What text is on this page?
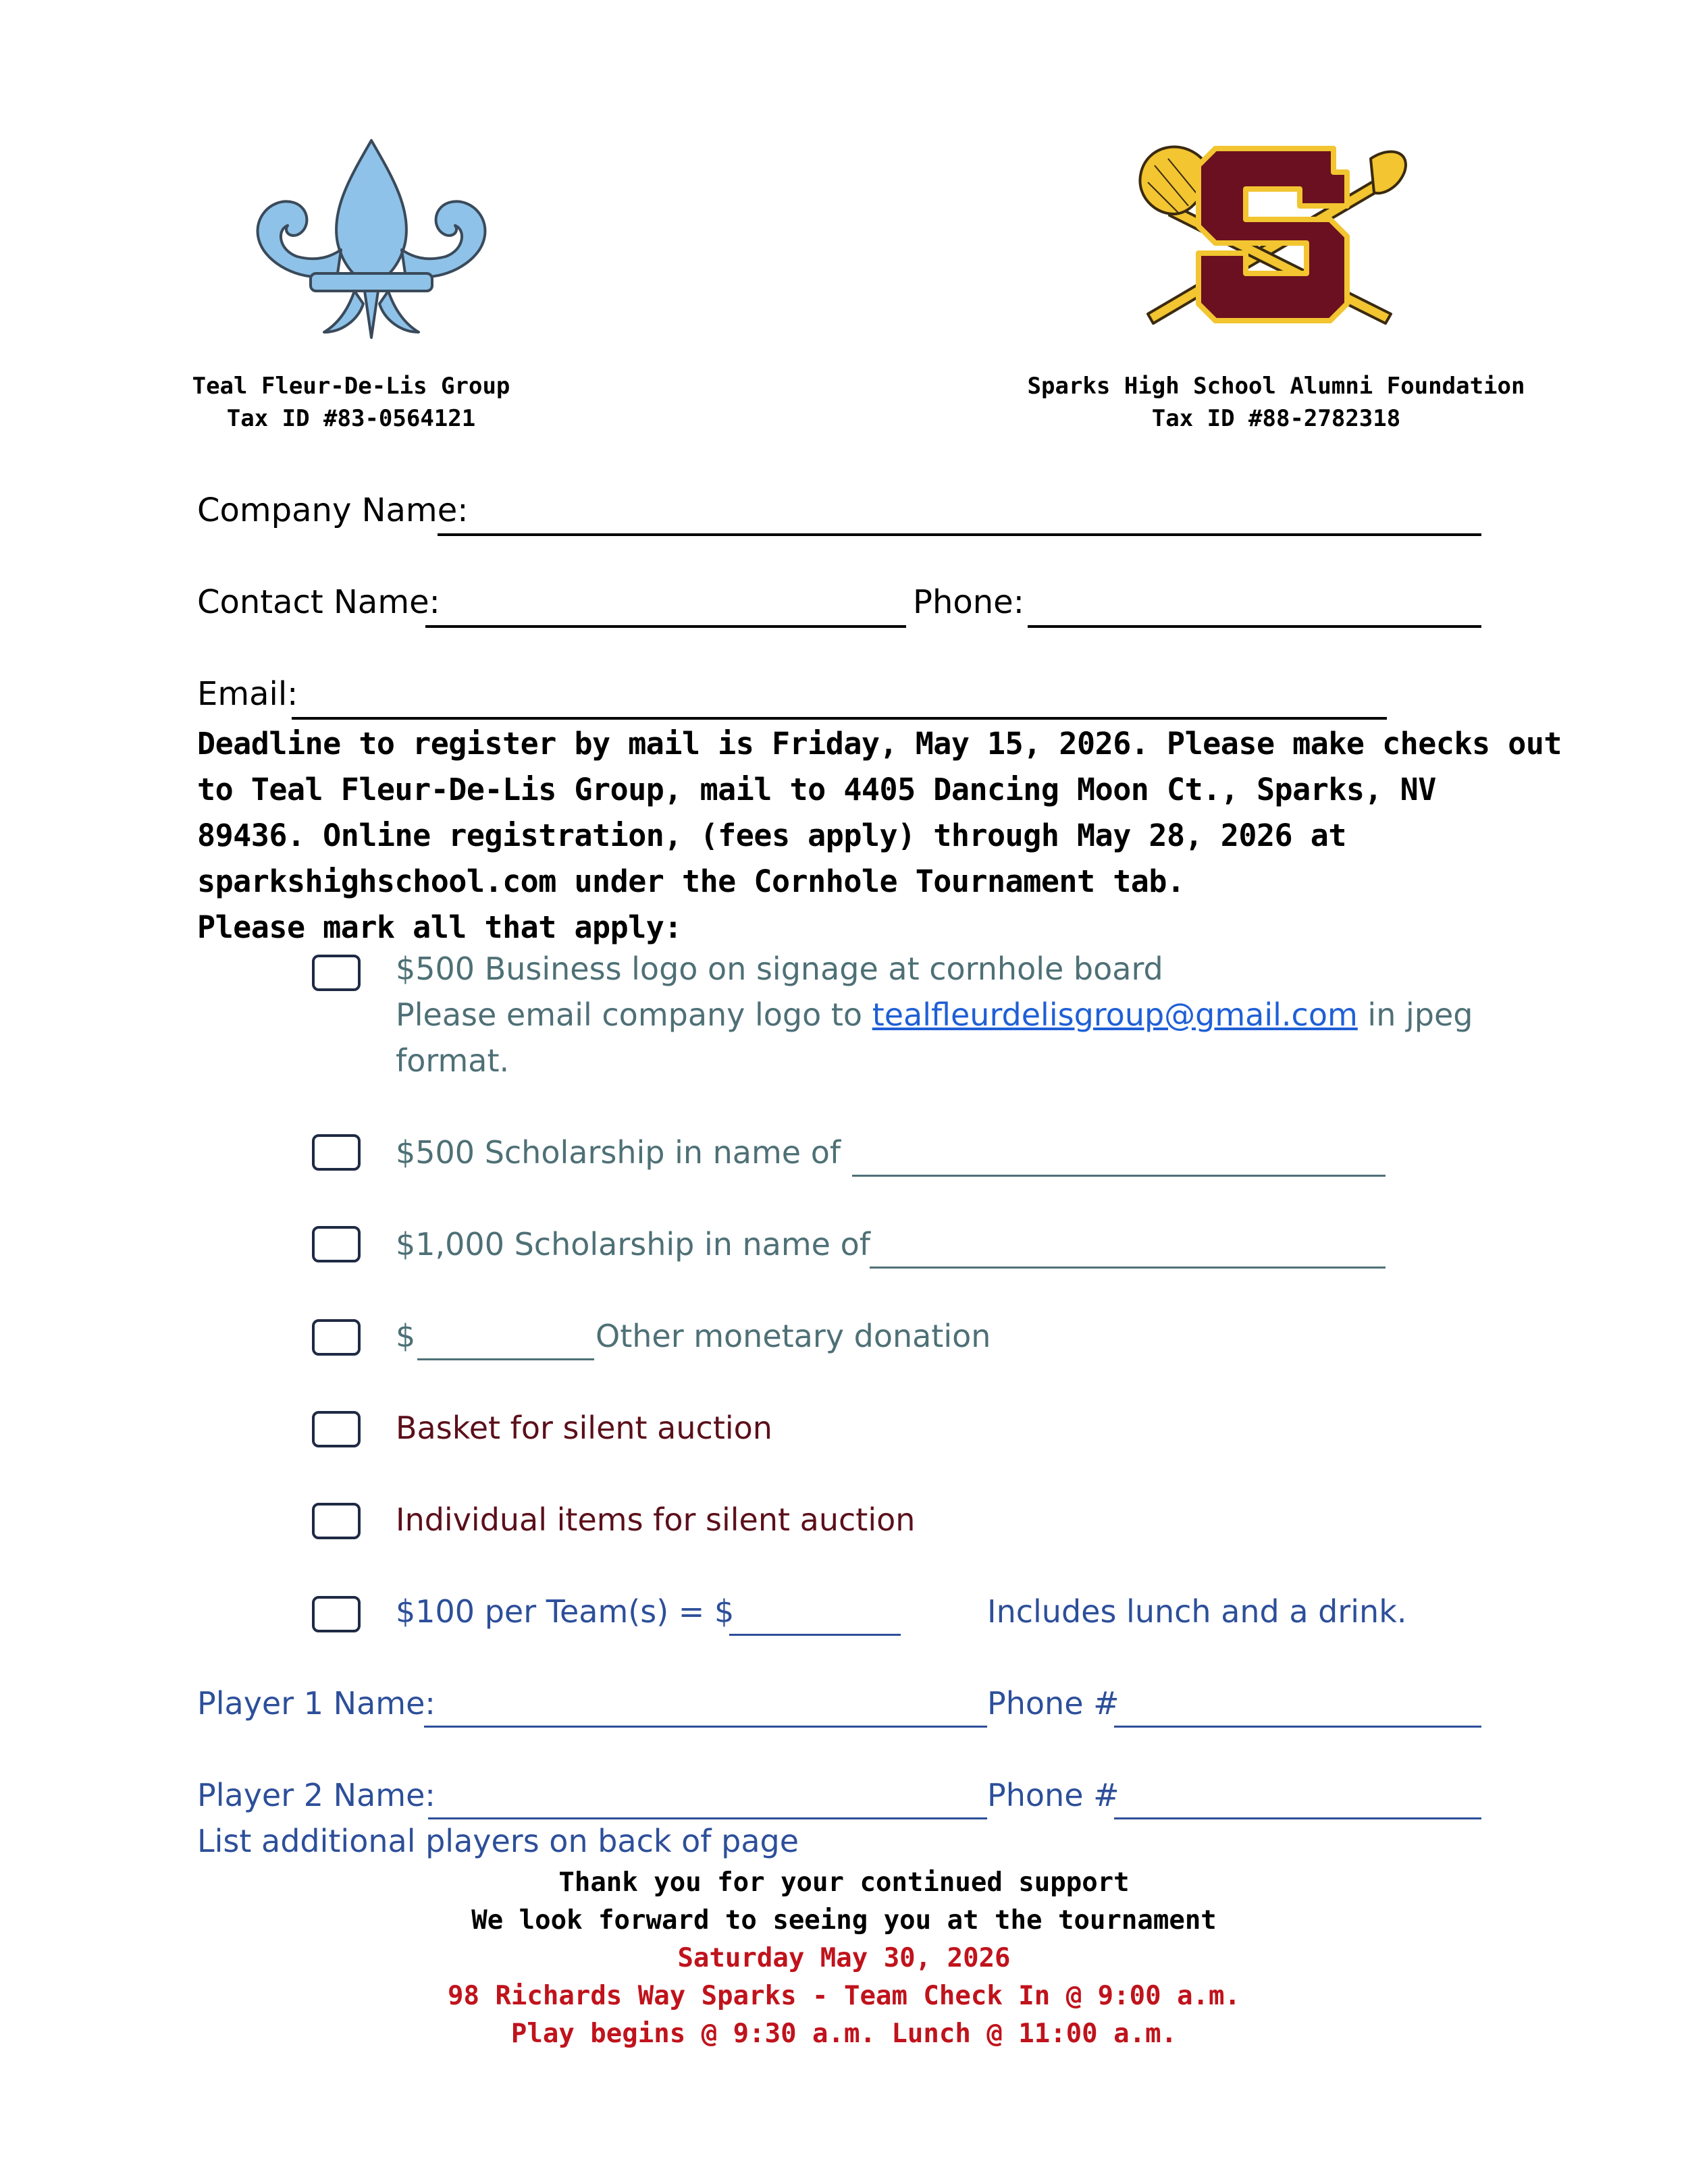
Teal Fleur-De-Lis Group
Tax ID #83-0564121
Sparks High School Alumni Foundation
Tax ID #88-2782318
Company Name:
Contact Name:	Phone:
Email:
Deadline to register by mail is Friday, May 15, 2026. Please make checks out
to Teal Fleur-De-Lis Group, mail to 4405 Dancing Moon Ct., Sparks, NV
89436. Online registration, (fees apply) through May 28, 2026 at
sparkshighschool.com under the Cornhole Tournament tab.
Please mark all that apply:
$500 Business logo on signage at cornhole board
Please email company logo to tealfleurdelisgroup@gmail.com in jpeg
format.
$500 Scholarship in name of
$1,000 Scholarship in name of
$	Other monetary donation
Basket for silent auction
Individual items for silent auction
$100 per Team(s) = $	Includes lunch and a drink.
Player 1 Name:	Phone #
Player 2 Name:	Phone #
List additional players on back of page
Thank you for your continued support
We look forward to seeing you at the tournament
Saturday May 30, 2026
98 Richards Way Sparks - Team Check In @ 9:00 a.m.
Play begins @ 9:30 a.m. Lunch @ 11:00 a.m.
